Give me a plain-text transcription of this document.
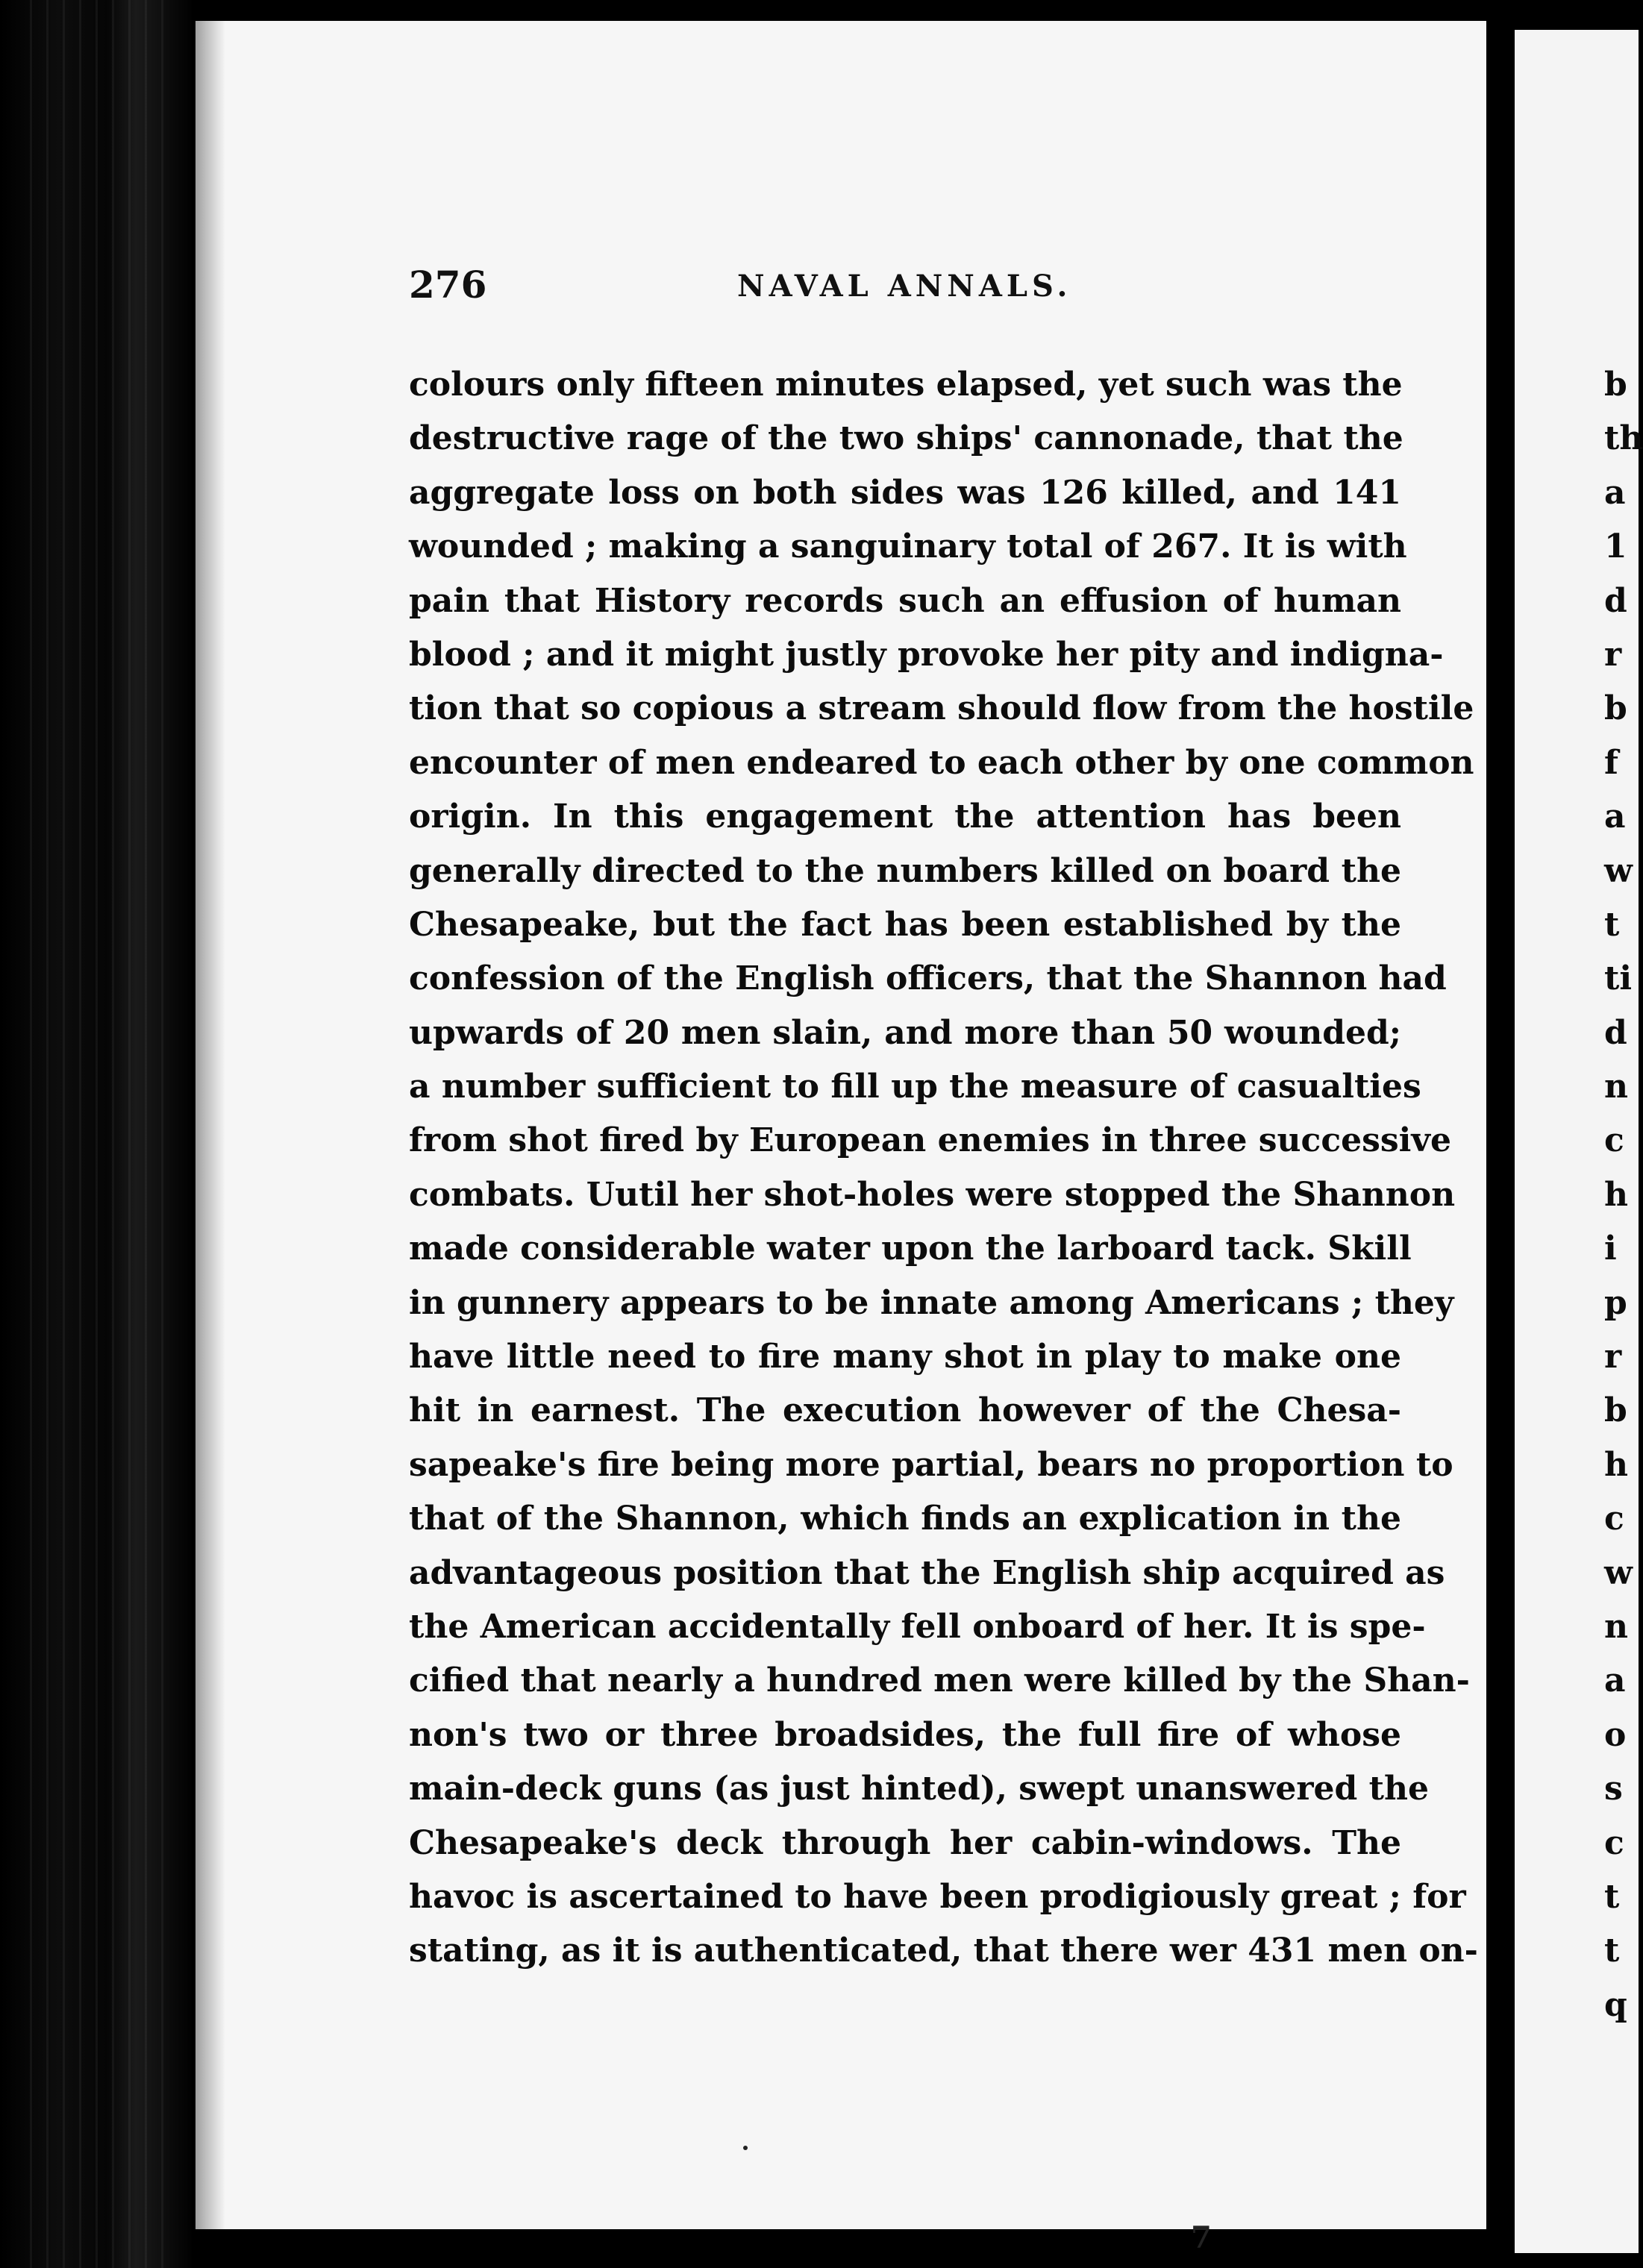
276	NAVAL ANNALS.
colours only fifteen minutes elapsed, yet such was the
destructive rage of the two ships' cannonade, that the
aggregate loss on both sides was 126 killed, and 141
wounded ; making a sanguinary total of 267. It is with
pain that History records such an effusion of human
blood ; and it might justly provoke her pity and indigna-
tion that so copious a stream should flow from the hostile
encounter of men endeared to each other by one common
origin. In this engagement the attention has been
generally directed to the numbers killed on board the
Chesapeake, but the fact has been established by the
confession of the English officers, that the Shannon had
upwards of 20 men slain, and more than 50 wounded;
a number sufficient to fill up the measure of casualties
from shot fired by European enemies in three successive
combats. Uutil her shot-holes were stopped the Shannon
made considerable water upon the larboard tack. Skill
in gunnery appears to be innate among Americans ; they
have little need to fire many shot in play to make one
hit in earnest. The execution however of the Chesa-
sapeake's fire being more partial, bears no proportion to
that of the Shannon, which finds an explication in the
advantageous position that the English ship acquired as
the American accidentally fell onboard of her. It is spe-
cified that nearly a hundred men were killed by the Shan-
non's two or three broadsides, the full fire of whose
main-deck guns (as just hinted), swept unanswered the
Chesapeake's deck through her cabin-windows. The
havoc is ascertained to have been prodigiously great ; for
stating, as it is authenticated, that there wer 431 men on-
b
th
a
1
d
r
b
f
a
w
t
ti
d
n
c
h
i
p
r
b
h
c
w
n
a
o
s
c
t
t
q
7
